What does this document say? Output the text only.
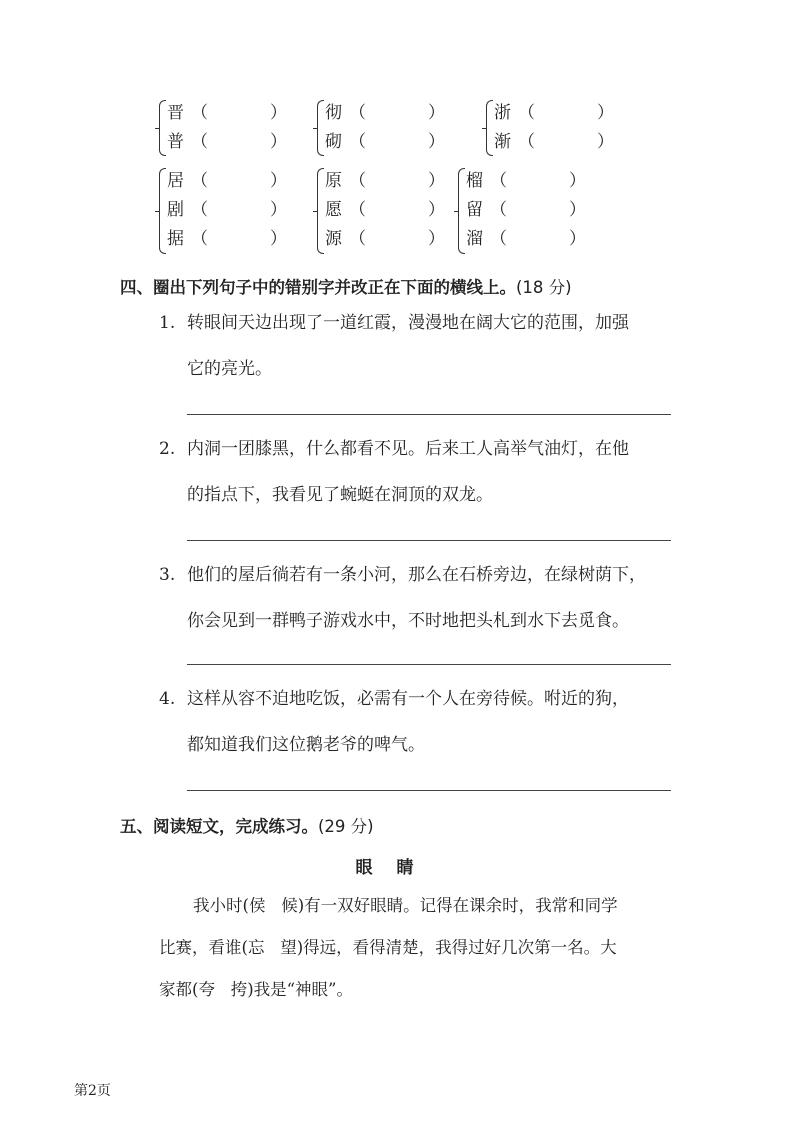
晋 （	）
普 （	）
彻 （	）
砌 （	）
浙 （	）
渐 （	）
居 （	）
剧 （	）
据 （	）
原 （	）
愿 （	）
源 （	）
榴 （	）
留 （	）
溜 （	）
四、圈出下列句子中的错别字并改正在下面的横线上。(18 分)
1. 转眼间天边出现了一道红霞，漫漫地在阔大它的范围，加强
它的亮光。
2. 内洞一团膝黑，什么都看不见。后来工人高举气油灯，在他
的指点下，我看见了蜿蜓在洞顶的双龙。
3. 他们的屋后徜若有一条小河，那么在石桥旁边，在绿树荫下，
你会见到一群鸭子游戏水中，不时地把头札到水下去觅食。
4. 这样从容不迫地吃饭，必需有一个人在旁待候。咐近的狗，
都知道我们这位鹅老爷的啤气。
五、阅读短文，完成练习。(29 分)
眼睛
我小时(侯 候)有一双好眼睛。记得在课余时，我常和同学
比赛，看谁(忘 望)得远，看得清楚，我得过好几次第一名。大
家都(夸 挎)我是“神眼”。
第2页
